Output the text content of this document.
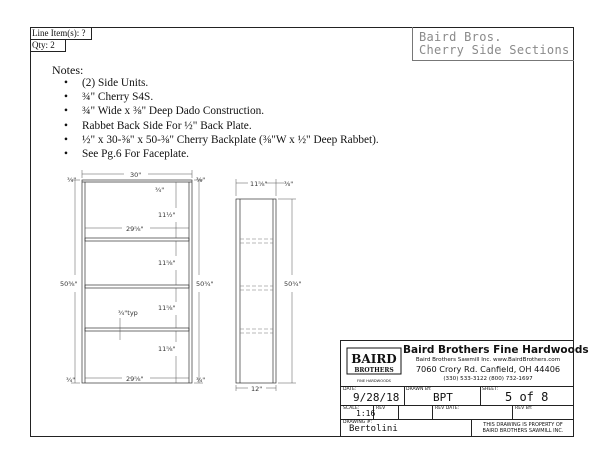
Line Item(s): ?
Qty: 2
Baird Bros.
Cherry Side Sections
Notes:
• (2) Side Units.
• ¾" Cherry S4S.
• ¾" Wide x ⅜" Deep Dado Construction.
• Rabbet Back Side For ½" Back Plate.
• ½" x 30-⅜" x 50-⅜" Cherry Backplate (⅜"W x ½" Deep Rabbet).
• See Pg.6 For Faceplate.
¾"
30"
⅜"
¾"
29⅝"
11½"
11⅝"
11⅝"
11⅝"
50⅜"	50¾"
¾"typ
¾"	29⅝"	¾"
11⅝"	⅜"
50¾"
12"
BAIRD
BROTHERS
FINE HARDWOODS
Baird Brothers Fine Hardwoods
Baird Brothers Sawmill Inc. www.BairdBrothers.com
7060 Crory Rd. Canfield, OH 44406
(330) 533-3122 (800) 732-1697
DATE:
9/28/18
DRAWN BY:
BPT
SHEET:
5 of 8
SCALE:
1:16
REV	REV DATE:	REV BY:
DRAWING #:
Bertolini	THIS DRAWING IS PROPERTY OF
BAIRD BROTHERS SAWMILL INC.
